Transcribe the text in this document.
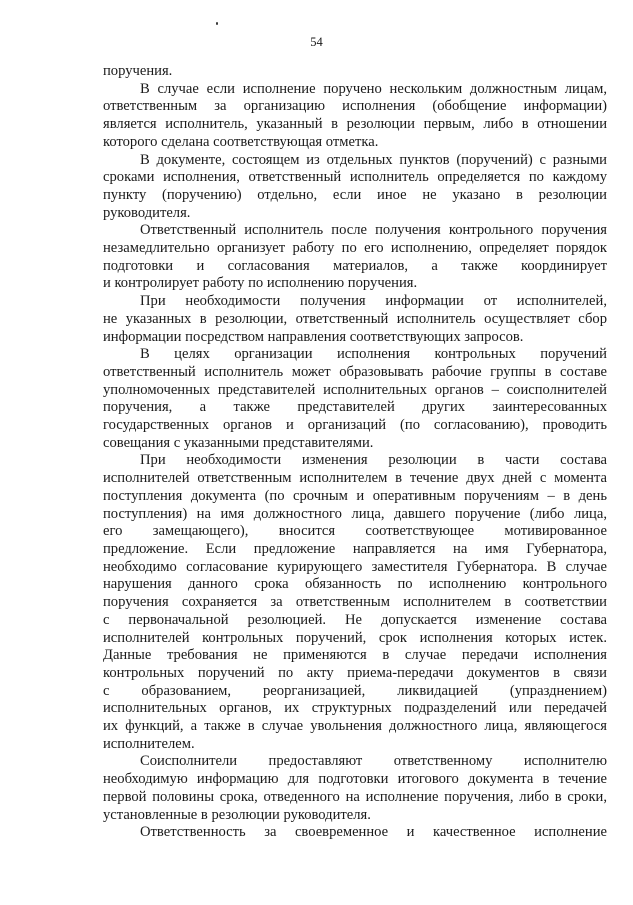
54
поручения.
В случае если исполнение поручено нескольким должностным лицам,
ответственным за организацию исполнения (обобщение информации)
является исполнитель, указанный в резолюции первым, либо в отношении
которого сделана соответствующая отметка.
В документе, состоящем из отдельных пунктов (поручений) с разными
сроками исполнения, ответственный исполнитель определяется по каждому
пункту (поручению) отдельно, если иное не указано в резолюции
руководителя.
Ответственный исполнитель после получения контрольного поручения
незамедлительно организует работу по его исполнению, определяет порядок
подготовки и согласования материалов, а также координирует
и контролирует работу по исполнению поручения.
При необходимости получения информации от исполнителей,
не указанных в резолюции, ответственный исполнитель осуществляет сбор
информации посредством направления соответствующих запросов.
В целях организации исполнения контрольных поручений
ответственный исполнитель может образовывать рабочие группы в составе
уполномоченных представителей исполнительных органов – соисполнителей
поручения, а также представителей других заинтересованных
государственных органов и организаций (по согласованию), проводить
совещания с указанными представителями.
При необходимости изменения резолюции в части состава
исполнителей ответственным исполнителем в течение двух дней с момента
поступления документа (по срочным и оперативным поручениям – в день
поступления) на имя должностного лица, давшего поручение (либо лица,
его замещающего), вносится соответствующее мотивированное
предложение. Если предложение направляется на имя Губернатора,
необходимо согласование курирующего заместителя Губернатора. В случае
нарушения данного срока обязанность по исполнению контрольного
поручения сохраняется за ответственным исполнителем в соответствии
с первоначальной резолюцией. Не допускается изменение состава
исполнителей контрольных поручений, срок исполнения которых истек.
Данные требования не применяются в случае передачи исполнения
контрольных поручений по акту приема-передачи документов в связи
с образованием, реорганизацией, ликвидацией (упразднением)
исполнительных органов, их структурных подразделений или передачей
их функций, а также в случае увольнения должностного лица, являющегося
исполнителем.
Соисполнители предоставляют ответственному исполнителю
необходимую информацию для подготовки итогового документа в течение
первой половины срока, отведенного на исполнение поручения, либо в сроки,
установленные в резолюции руководителя.
Ответственность за своевременное и качественное исполнение
